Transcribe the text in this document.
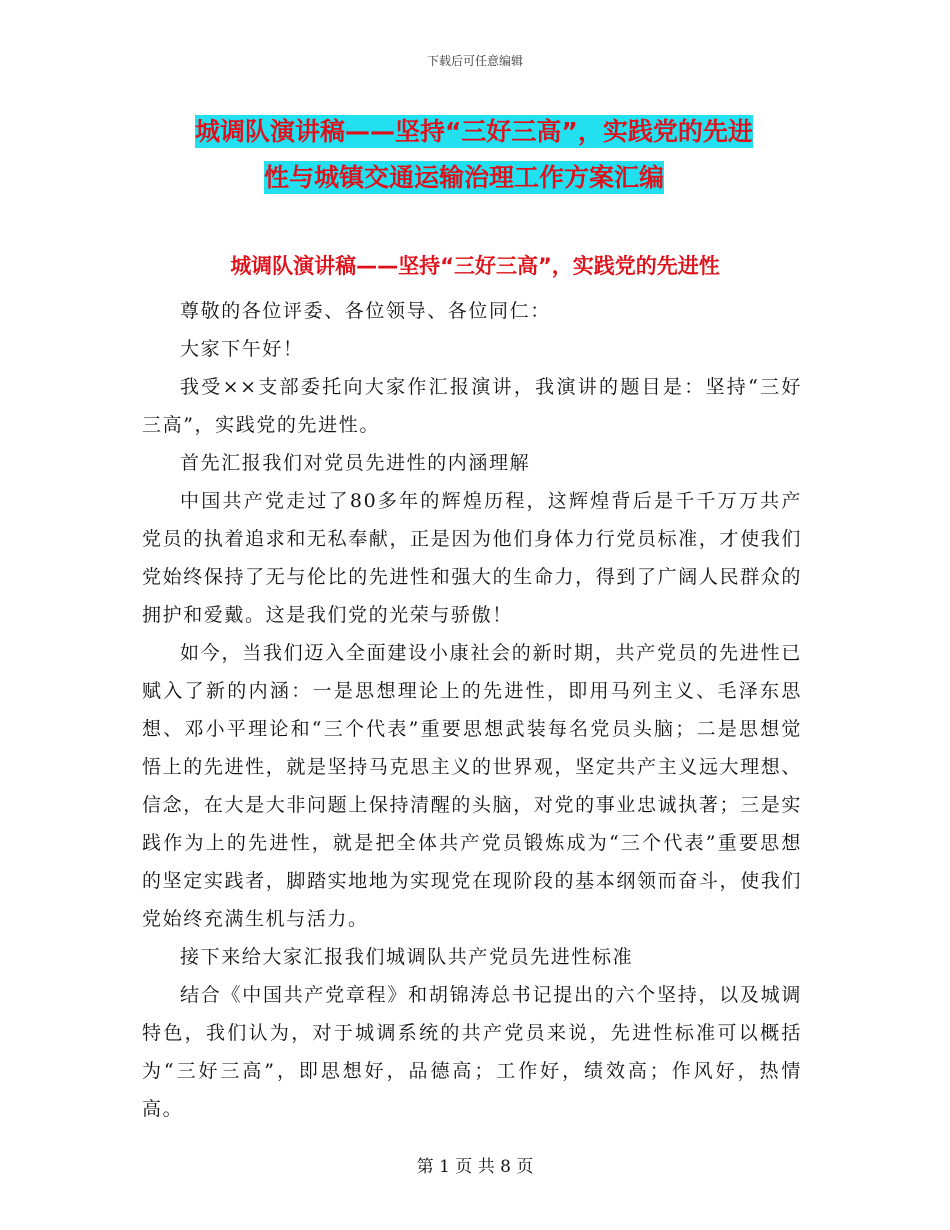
下载后可任意编辑
城调队演讲稿——坚持“三好三高”，实践党的先进
性与城镇交通运输治理工作方案汇编
城调队演讲稿——坚持“三好三高”，实践党的先进性

尊敬的各位评委、各位领导、各位同仁：

大家下午好！

我受××支部委托向大家作汇报演讲，我演讲的题目是：坚持“三好三高”，实践党的先进性。

首先汇报我们对党员先进性的内涵理解

中国共产党走过了80多年的辉煌历程，这辉煌背后是千千万万共产党员的执着追求和无私奉献，正是因为他们身体力行党员标准，才使我们党始终保持了无与伦比的先进性和强大的生命力，得到了广阔人民群众的拥护和爱戴。这是我们党的光荣与骄傲！

如今，当我们迈入全面建设小康社会的新时期，共产党员的先进性已赋入了新的内涵：一是思想理论上的先进性，即用马列主义、毛泽东思想、邓小平理论和“三个代表”重要思想武装每名党员头脑；二是思想觉悟上的先进性，就是坚持马克思主义的世界观，坚定共产主义远大理想、信念，在大是大非问题上保持清醒的头脑，对党的事业忠诚执著；三是实践作为上的先进性，就是把全体共产党员锻炼成为“三个代表”重要思想的坚定实践者，脚踏实地地为实现党在现阶段的基本纲领而奋斗，使我们党始终充满生机与活力。

接下来给大家汇报我们城调队共产党员先进性标准

结合《中国共产党章程》和胡锦涛总书记提出的六个坚持，以及城调特色，我们认为，对于城调系统的共产党员来说，先进性标准可以概括为“三好三高”，即思想好，品德高；工作好，绩效高；作风好，热情高。

第 1 页 共 8 页
